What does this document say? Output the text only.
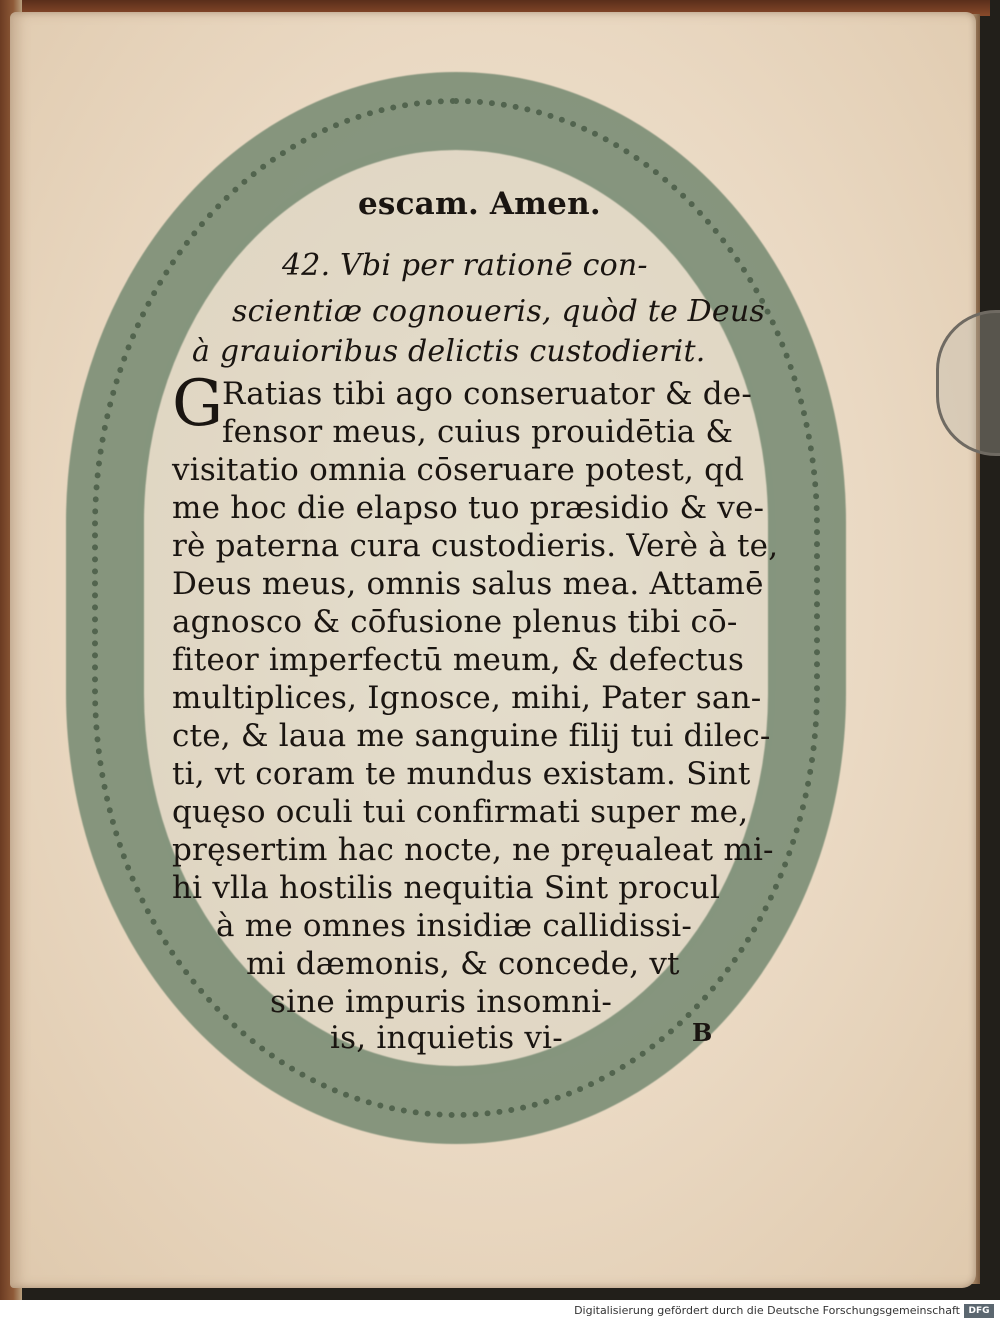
escam. Amen.
42. Vbi per rationē con-
scientiæ cognoueris, quòd te Deus
à grauioribus delictis custodierit.
G
Ratias tibi ago conseruator & de-
fensor meus, cuius prouidētia &
visitatio omnia cōseruare potest, qd
me hoc die elapso tuo præsidio & ve-
rè paterna cura custodieris. Verè à te,
Deus meus, omnis salus mea. Attamē
agnosco & cōfusione plenus tibi cō-
fiteor imperfectū meum, & defectus
multiplices, Ignosce, mihi, Pater san-
cte, & laua me sanguine filij tui dilec-
ti, vt coram te mundus existam. Sint
quęso oculi tui confirmati super me,
pręsertim hac nocte, ne pręualeat mi-
hi vlla hostilis nequitia Sint procul
à me omnes insidiæ callidissi-
mi dæmonis, & concede, vt
sine impuris insomni-
is, inquietis vi-	B
Digitalisierung gefördert durch die Deutsche Forschungsgemeinschaft DFG
